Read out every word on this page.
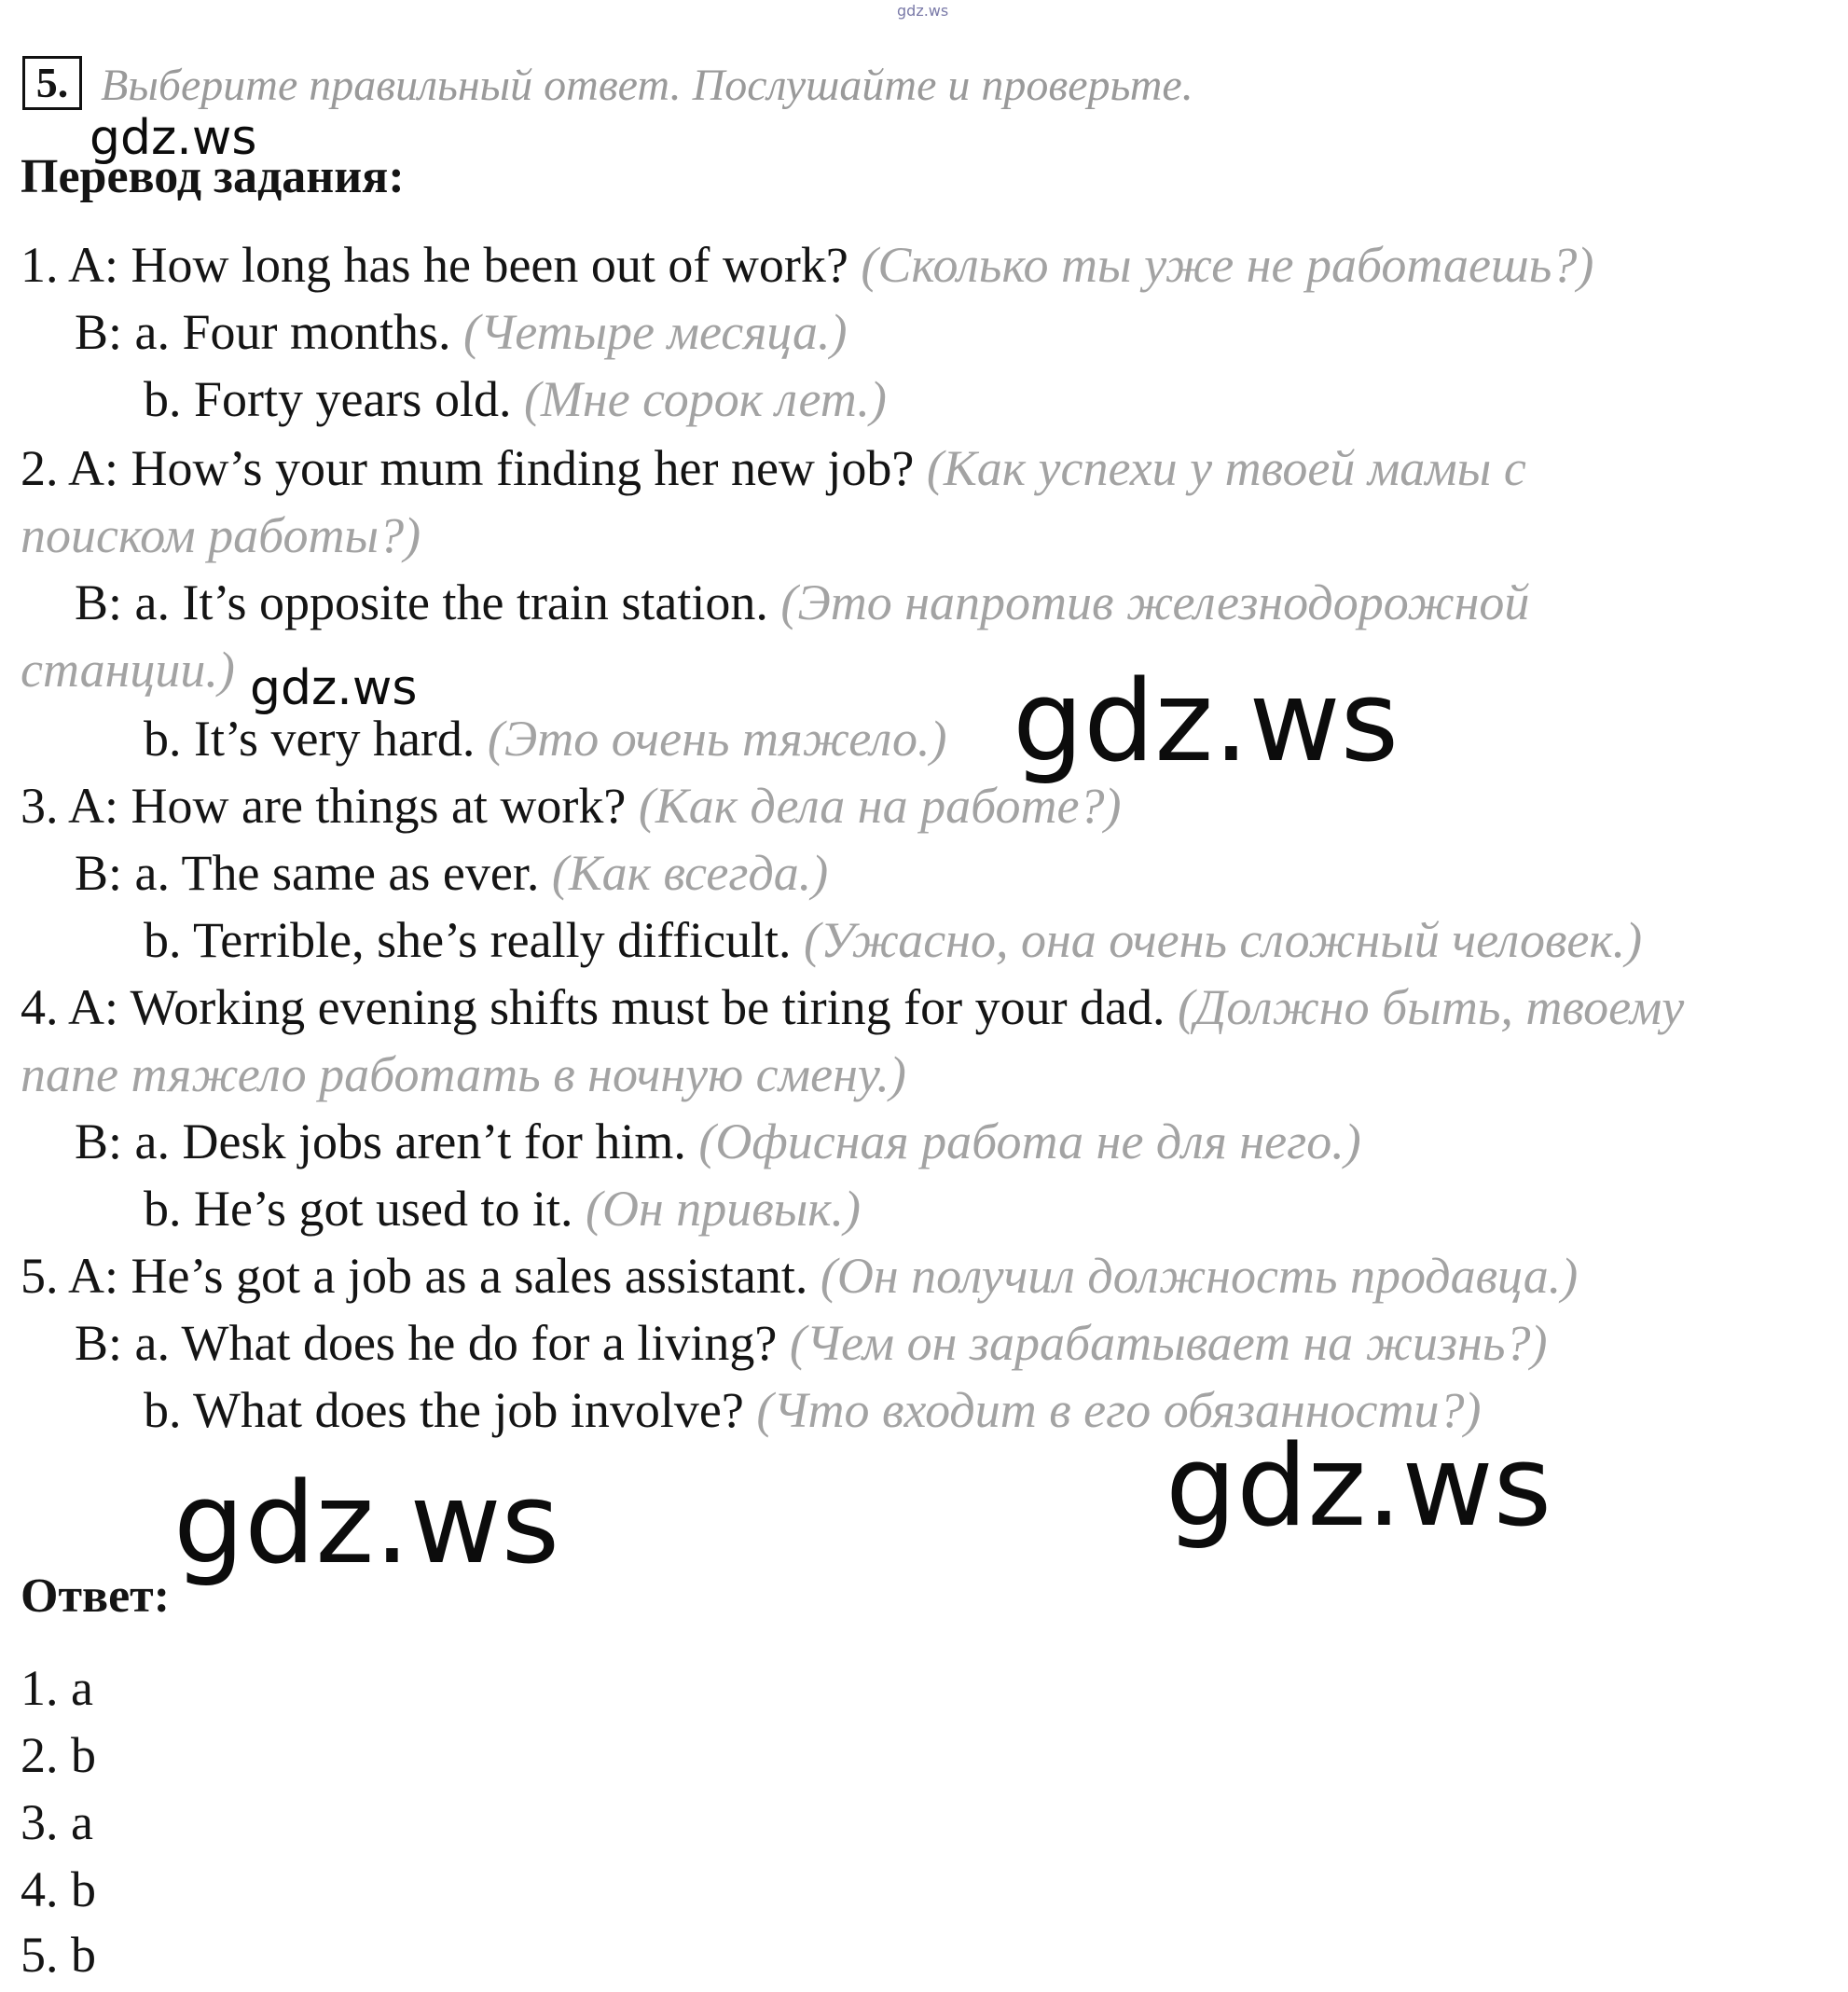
gdz.ws
5. Выберите правильный ответ. Послушайте и проверьте.
gdz.ws
Перевод задания:
1. A: How long has he been out of work? (Сколько ты уже не работаешь?)
B: a. Four months. (Четыре месяца.)
b. Forty years old. (Мне сорок лет.)
2. A: How’s your mum finding her new job? (Как успехи у твоей мамы с
поиском работы?)
B: a. It’s opposite the train station. (Это напротив железнодорожной
станции.) gdz.ws
b. It’s very hard. (Это очень тяжело.) gdz.ws
3. A: How are things at work? (Как дела на работе?)
B: a. The same as ever. (Как всегда.)
b. Terrible, she’s really difficult. (Ужасно, она очень сложный человек.)
4. A: Working evening shifts must be tiring for your dad. (Должно быть, твоему
папе тяжело работать в ночную смену.)
B: a. Desk jobs aren’t for him. (Офисная работа не для него.)
b. He’s got used to it. (Он привык.)
5. A: He’s got a job as a sales assistant. (Он получил должность продавца.)
B: a. What does he do for a living? (Чем он зарабатывает на жизнь?)
b. What does the job involve? (Что входит в его обязанности?)
gdz.ws
gdz.ws
Ответ:
1. a
2. b
3. a
4. b
5. b
